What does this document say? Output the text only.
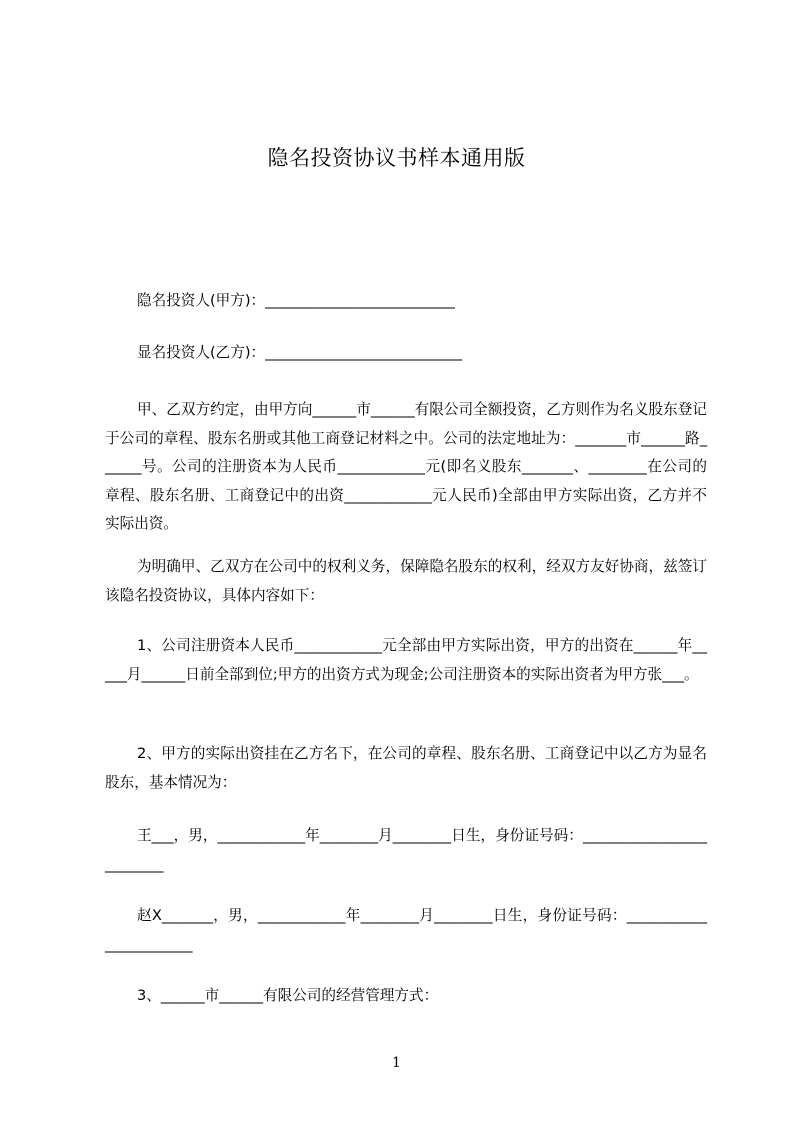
隐名投资协议书样本通用版
隐名投资人(甲方)：__________________________
显名投资人(乙方)：___________________________
甲、乙双方约定，由甲方向______市______有限公司全额投资，乙方则作为名义股东登记于公司的章程、股东名册或其他工商登记材料之中。公司的法定地址为：_______市______路______号。公司的注册资本为人民币____________元(即名义股东_______、________在公司的章程、股东名册、工商登记中的出资____________元人民币)全部由甲方实际出资，乙方并不实际出资。
为明确甲、乙双方在公司中的权利义务，保障隐名股东的权利，经双方友好协商，兹签订该隐名投资协议，具体内容如下：
1、公司注册资本人民币____________元全部由甲方实际出资，甲方的出资在______年_____月______日前全部到位;甲方的出资方式为现金;公司注册资本的实际出资者为甲方张___。
2、甲方的实际出资挂在乙方名下，在公司的章程、股东名册、工商登记中以乙方为显名股东，基本情况为：
王___，男，____________年________月________日生，身份证号码：_________________________
赵X_______，男，____________年________月________日生，身份证号码：_______________________
3、______市______有限公司的经营管理方式：
1
